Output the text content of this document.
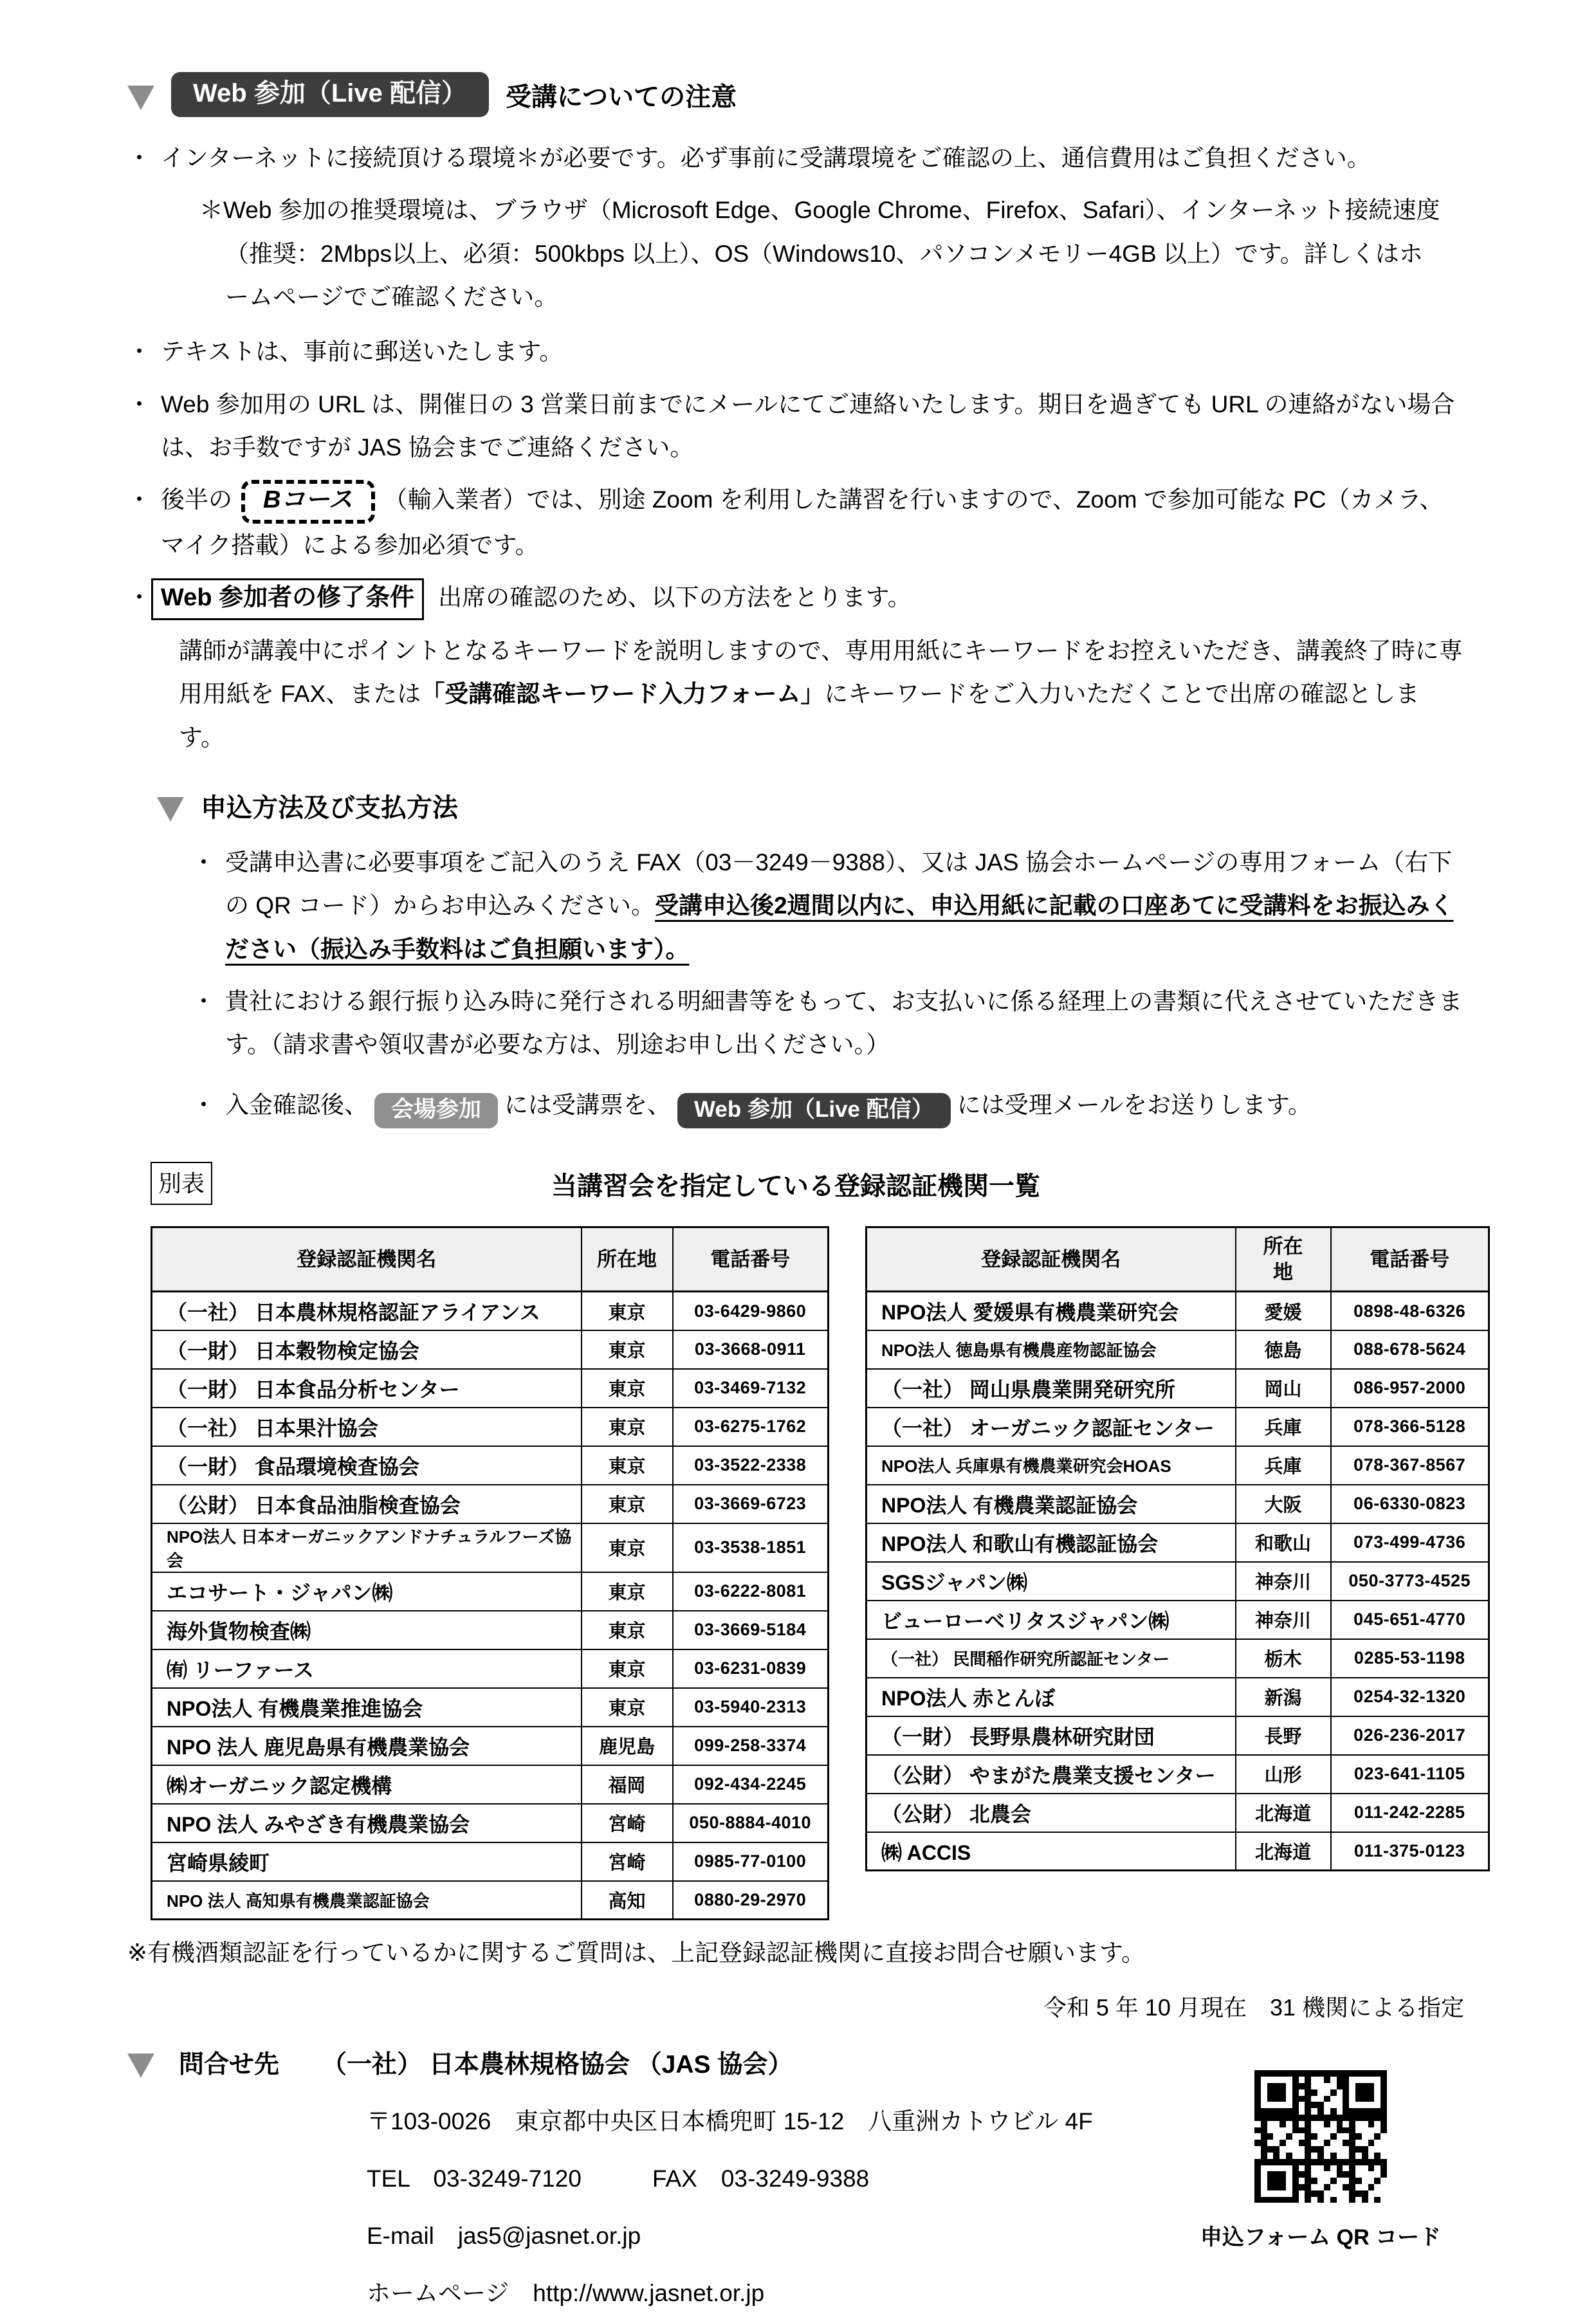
Web 参加（Live 配信）	受講についての注意
・ インターネットに接続頂ける環境＊が必要です。必ず事前に受講環境をご確認の上、通信費用はご負担ください。
＊Web 参加の推奨環境は、ブラウザ（Microsoft Edge、Google Chrome、Firefox、Safari）、インターネット接続速度（推奨：2Mbps以上、必須：500kbps 以上）、OS（Windows10、パソコンメモリー4GB 以上）です。詳しくはホームページでご確認ください。
・ テキストは、事前に郵送いたします。
・ Web 参加用の URL は、開催日の 3 営業日前までにメールにてご連絡いたします。期日を過ぎても URL の連絡がない場合は、お手数ですが JAS 協会までご連絡ください。
・ 後半の Bコース （輸入業者）では、別途 Zoom を利用した講習を行いますので、Zoom で参加可能な PC（カメラ、マイク搭載）による参加必須です。
・ Web 参加者の修了条件 出席の確認のため、以下の方法をとります。
講師が講義中にポイントとなるキーワードを説明しますので、専用用紙にキーワードをお控えいただき、講義終了時に専用用紙を FAX、または「受講確認キーワード入力フォーム」にキーワードをご入力いただくことで出席の確認とします。
申込方法及び支払方法
・ 受講申込書に必要事項をご記入のうえ FAX（03－3249－9388）、又は JAS 協会ホームページの専用フォーム（右下の QR コード）からお申込みください。受講申込後2週間以内に、申込用紙に記載の口座あてに受講料をお振込みください（振込み手数料はご負担願います）。
・ 貴社における銀行振り込み時に発行される明細書等をもって、お支払いに係る経理上の書類に代えさせていただきます。（請求書や領収書が必要な方は、別途お申し出ください。）
・ 入金確認後、 会場参加 には受講票を、 Web 参加（Live 配信） には受理メールをお送りします。
別表	当講習会を指定している登録認証機関一覧
登録認証機関名	所在地	電話番号
（一社） 日本農林規格認証アライアンス	東京	03-6429-9860
（一財） 日本穀物検定協会	東京	03-3668-0911
（一財） 日本食品分析センター	東京	03-3469-7132
（一社） 日本果汁協会	東京	03-6275-1762
（一財） 食品環境検査協会	東京	03-3522-2338
（公財） 日本食品油脂検査協会	東京	03-3669-6723
NPO法人 日本オーガニックアンドナチュラルフーズ協会	東京	03-3538-1851
エコサート・ジャパン㈱	東京	03-6222-8081
海外貨物検査㈱	東京	03-3669-5184
㈲ リーファース	東京	03-6231-0839
NPO法人 有機農業推進協会	東京	03-5940-2313
NPO 法人 鹿児島県有機農業協会	鹿児島	099-258-3374
㈱オーガニック認定機構	福岡	092-434-2245
NPO 法人 みやざき有機農業協会	宮崎	050-8884-4010
宮崎県綾町	宮崎	0985-77-0100
NPO 法人 高知県有機農業認証協会	高知	0880-29-2970
登録認証機関名	所在地	電話番号
NPO法人 愛媛県有機農業研究会	愛媛	0898-48-6326
NPO法人 徳島県有機農産物認証協会	徳島	088-678-5624
（一社） 岡山県農業開発研究所	岡山	086-957-2000
（一社） オーガニック認証センター	兵庫	078-366-5128
NPO法人 兵庫県有機農業研究会HOAS	兵庫	078-367-8567
NPO法人 有機農業認証協会	大阪	06-6330-0823
NPO法人 和歌山有機認証協会	和歌山	073-499-4736
SGSジャパン㈱	神奈川	050-3773-4525
ビューローベリタスジャパン㈱	神奈川	045-651-4770
（一社） 民間稲作研究所認証センター	栃木	0285-53-1198
NPO法人 赤とんぼ	新潟	0254-32-1320
（一財） 長野県農林研究財団	長野	026-236-2017
（公財） やまがた農業支援センター	山形	023-641-1105
（公財） 北農会	北海道	011-242-2285
㈱ ACCIS	北海道	011-375-0123
※有機酒類認証を行っているかに関するご質問は、上記登録認証機関に直接お問合せ願います。
令和 5 年 10 月現在　31 機関による指定
問合せ先 （一社） 日本農林規格協会 （JAS 協会）
〒103-0026　東京都中央区日本橋兜町 15-12　八重洲カトウビル 4F
TEL　03-3249-7120	FAX　03-3249-9388
E-mail　jas5@jasnet.or.jp
ホームページ　http://www.jasnet.or.jp
申込フォーム QR コード
